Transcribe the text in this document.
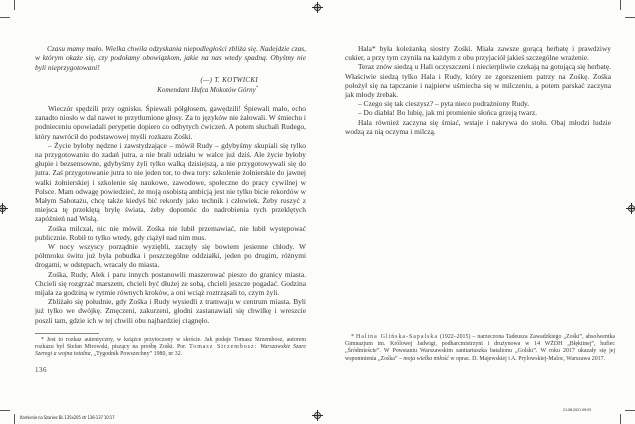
Czasu mamy mało. Wielka chwila odzyskania niepodległości zbliża się. Nadejdzie czas, w którym okaże się, czy podołamy obowiązkom, jakie na nas wtedy spadną. Obyśmy nie byli nieprzygotowani!

(—) T. KOTWICKI
Komendant Hufca Mokotów Górny*

Wieczór spędzili przy ognisku. Śpiewali półgłosem, gawędzili! Śpiewali mało, echo zanadto niosło w dal nawet te przytłumione głosy. Za to języków nie żałowali. W śmiechu i podnieceniu opowiadali perypetie dopiero co odbytych ćwiczeń. A potem słuchali Rudego, który nawrócił do podstawowej myśli rozkazu Zośki.

– Życie byłoby nędzne i zawstydzające – mówił Rudy – gdybyśmy skupiali się tylko na przygotowaniu do zadań jutra, a nie brali udziału w walce już dziś. Ale życie byłoby głupie i bezsensowne, gdybyśmy żyli tylko walką dzisiejszą, a nie przygotowywali się do jutra. Zaś przygotowanie jutra to nie jeden tor, to dwa tory: szkolenie żołnierskie do jawnej walki żołnierskiej i szkolenie się naukowe, zawodowe, społeczne do pracy cywilnej w Polsce. Mam odwagę powiedzieć, że moją osobistą ambicją jest nie tylko bicie rekordów w Małym Sabotażu, chcę także kiedyś bić rekordy jako technik i człowiek. Żeby ruszyć z miejsca tę przeklętą bryłę świata, żeby dopomóc do nadrobienia tych przeklętych zapóźnień nad Wisłą.

Zośka milczał, nic nie mówił. Zośka nie lubił przemawiać, nie lubił występować publicznie. Robił to tylko wtedy, gdy ciążył nad nim mus.

W nocy wszyscy porządnie wyziębli, zaczęły się bowiem jesienne chłody. W półmroku świtu już była pobudka i poszczególne oddziałki, jeden po drugim, różnymi drogami, w odstępach, wracały do miasta.

Zośka, Rudy, Alek i paru innych postanowili maszerować pieszo do granicy miasta. Chcieli się rozgrzać marszem, chcieli być dłużej ze sobą, chcieli jeszcze pogadać. Godzina mijała za godziną w rytmie równych kroków, a oni wciąż roztrząsali to, czym żyli.

Zbliżało się południe, gdy Zośka i Rudy wysiedli z tramwaju w centrum miasta. Byli już tylko we dwójkę. Zmęczeni, zakurzeni, głodni zastanawiali się chwilkę i wreszcie poszli tam, gdzie ich w tej chwili obu najbardziej ciągnęło.

* Jest to rozkaz autentyczny, w książce przytoczony w skrócie. Jak podaje Tomasz Strzembosz, autorem rozkazu był Stefan Mirowski, piszący na prośbę Zośki. Por. Tomasz Strzembosz: Warszawskie Szare Szeregi a wojna totalna, „Tygodnik Powszechny” 1980, nr 32.

136

Hala* była koleżanką siostry Zośki. Miała zawsze gorącą herbatę i prawdziwy cukier, a przy tym czyniła na każdym z obu przyjaciół jakieś szczególne wrażenie.

Teraz znów siedzą u Hali oczyszczeni i niecierpliwie czekają na gotującą się herbatę. Właściwie siedzą tylko Hala i Rudy, który ze zgorszeniem patrzy na Zośkę. Zośka położył się na tapczanie i najpierw uśmiecha się w milczeniu, a potem parskać zaczyna jak młody źrebak.

– Czego się tak cieszysz? – pyta nieco podrażniony Rudy.

– Do diabła! Bo lubię, jak mi promienie słońca grzeją twarz.

Hala również zaczyna się śmiać, wstaje i nakrywa do stołu. Obaj młodzi ludzie wodzą za nią oczyma i milczą.

* Halina Glińska-Sapalska (1922–2015) – narzeczona Tadeusza Zawadzkiego „Zośki”, absolwentka Gimnazjum im. Królowej Jadwigi, podharcmistrzyni i drużynowa w 14 WŻDH „Błękitnej”, hufiec „Śródmieście”. W Powstaniu Warszawskim sanitariuszka batalionu „Golski”. W roku 2017 ukazały się jej wspomnienia „Zośka” – moja wielka miłość w oprac. D. Majewskiej i A. Prylowskiej-Maloc, Warszawa 2017.

Kamienie na Szaniec BL 135x205 str 136-137 10:17
21.08.2021 09:53
